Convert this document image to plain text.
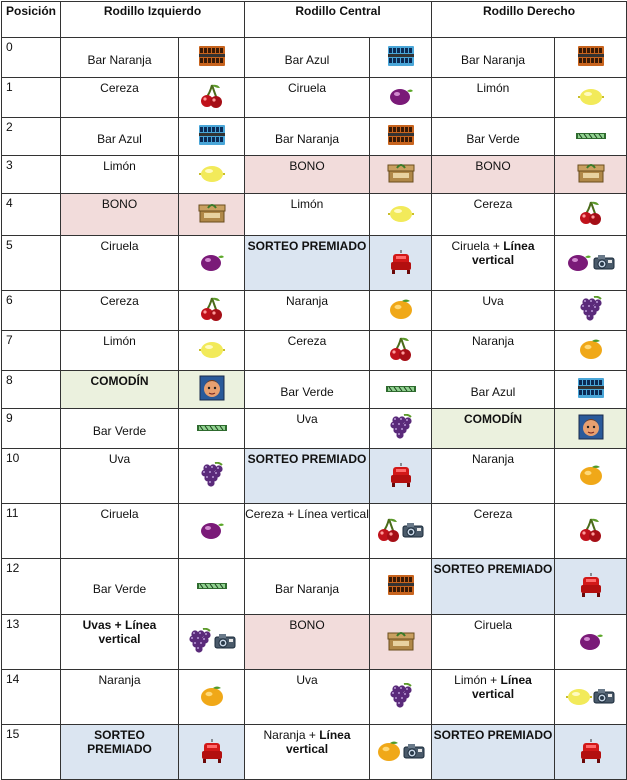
Posición	Rodillo Izquierdo		Rodillo Central		Rodillo Derecho	
0	Bar Naranja		Bar Azul		Bar Naranja	
1	Cereza		Ciruela		Limón	
2	Bar Azul		Bar Naranja		Bar Verde	
3	Limón		BONO		BONO	
4	BONO		Limón		Cereza	
5	Ciruela		SORTEO PREMIADO		Ciruela + Línea vertical	

6	Cereza		Naranja		Uva	
7	Limón		Cereza		Naranja	
8	COMODÍN		Bar Verde		Bar Azul	
9	Bar Verde		Uva		COMODÍN	
10	Uva		SORTEO PREMIADO		Naranja	
11	Ciruela		Cereza + Línea vertical		Cereza	
12	Bar Verde		Bar Naranja		SORTEO PREMIADO	
13	Uvas + Línea vertical		BONO		Ciruela	
14	Naranja		Uva		Limón + Línea vertical	

15	SORTEO PREMIADO		Naranja + Línea vertical		SORTEO PREMIADO	
